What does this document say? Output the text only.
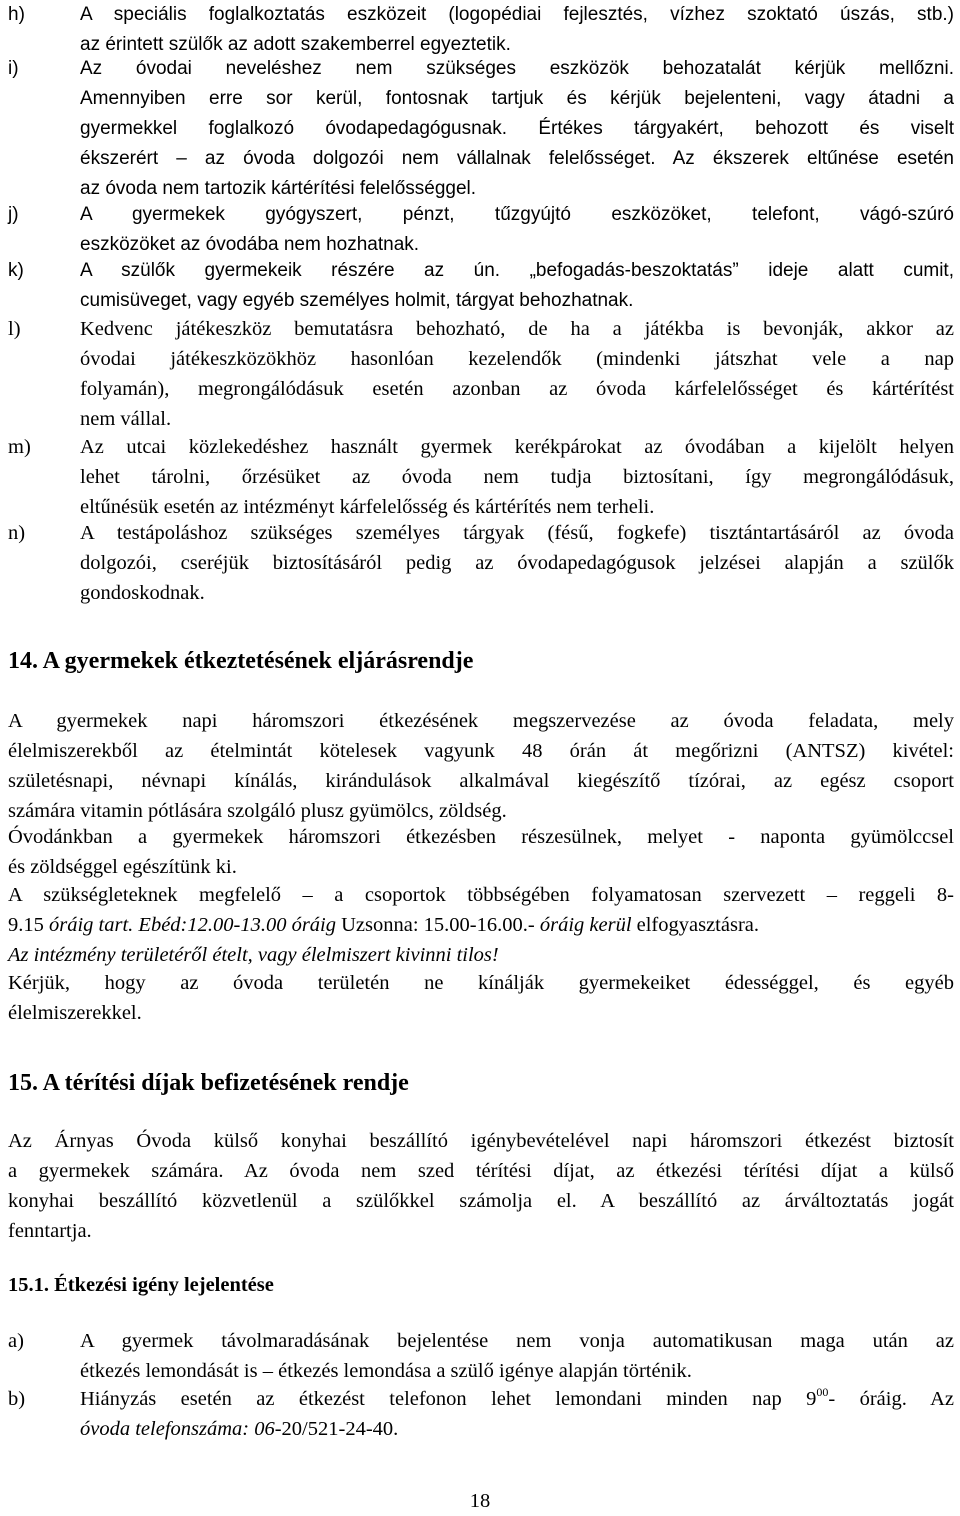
h)	A speciális foglalkoztatás eszközeit (logopédiai fejlesztés, vízhez szoktató úszás, stb.)
az érintett szülők az adott szakemberrel egyeztetik.
i)	Az óvodai neveléshez nem szükséges eszközök behozatalát kérjük mellőzni.
Amennyiben erre sor kerül, fontosnak tartjuk és kérjük bejelenteni, vagy átadni a
gyermekkel foglalkozó óvodapedagógusnak. Értékes tárgyakért, behozott és viselt
ékszerért – az óvoda dolgozói nem vállalnak felelősséget. Az ékszerek eltűnése esetén
az óvoda nem tartozik kártérítési felelősséggel.
j)	A gyermekek gyógyszert, pénzt, tűzgyújtó eszközöket, telefont, vágó-szúró
eszközöket az óvodába nem hozhatnak.
k)	A szülők gyermekeik részére az ún. „befogadás-beszoktatás” ideje alatt cumit,
cumisüveget, vagy egyéb személyes holmit, tárgyat behozhatnak.
l)	Kedvenc játékeszköz bemutatásra behozható, de ha a játékba is bevonják, akkor az
óvodai játékeszközökhöz hasonlóan kezelendők (mindenki játszhat vele a nap
folyamán), megrongálódásuk esetén azonban az óvoda kárfelelősséget és kártérítést
nem vállal.
m)	Az utcai közlekedéshez használt gyermek kerékpárokat az óvodában a kijelölt helyen
lehet tárolni, őrzésüket az óvoda nem tudja biztosítani, így megrongálódásuk,
eltűnésük esetén az intézményt kárfelelősség és kártérítés nem terheli.
n)	A testápoláshoz szükséges személyes tárgyak (fésű, fogkefe) tisztántartásáról az óvoda
dolgozói, cseréjük biztosításáról pedig az óvodapedagógusok jelzései alapján a szülők
gondoskodnak.
14. A gyermekek étkeztetésének eljárásrendje
A gyermekek napi háromszori étkezésének megszervezése az óvoda feladata, mely
élelmiszerekből az ételmintát kötelesek vagyunk 48 órán át megőrizni (ANTSZ) kivétel:
születésnapi, névnapi kínálás, kirándulások alkalmával kiegészítő tízórai, az egész csoport
számára vitamin pótlására szolgáló plusz gyümölcs, zöldség.
Óvodánkban a gyermekek háromszori étkezésben részesülnek, melyet - naponta gyümölccsel
és zöldséggel egészítünk ki.
A szükségleteknek megfelelő – a csoportok többségében folyamatosan szervezett – reggeli 8-
9.15 óráig tart. Ebéd:12.00-13.00 óráig Uzsonna: 15.00-16.00.- óráig kerül elfogyasztásra.
Az intézmény területéről ételt, vagy élelmiszert kivinni tilos!
Kérjük, hogy az óvoda területén ne kínálják gyermekeiket édességgel, és egyéb
élelmiszerekkel.
15. A térítési díjak befizetésének rendje
Az Árnyas Óvoda külső konyhai beszállító igénybevételével napi háromszori étkezést biztosít
a gyermekek számára. Az óvoda nem szed térítési díjat, az étkezési térítési díjat a külső
konyhai beszállító közvetlenül a szülőkkel számolja el. A beszállító az árváltoztatás jogát
fenntartja.
15.1. Étkezési igény lejelentése
a)	A gyermek távolmaradásának bejelentése nem vonja automatikusan maga után az
étkezés lemondását is – étkezés lemondása a szülő igénye alapján történik.
b)	Hiányzás esetén az étkezést telefonon lehet lemondani minden nap $9^{00}-$ óráig. Az
óvoda telefonszáma: 06-20/521-24-40.
18
